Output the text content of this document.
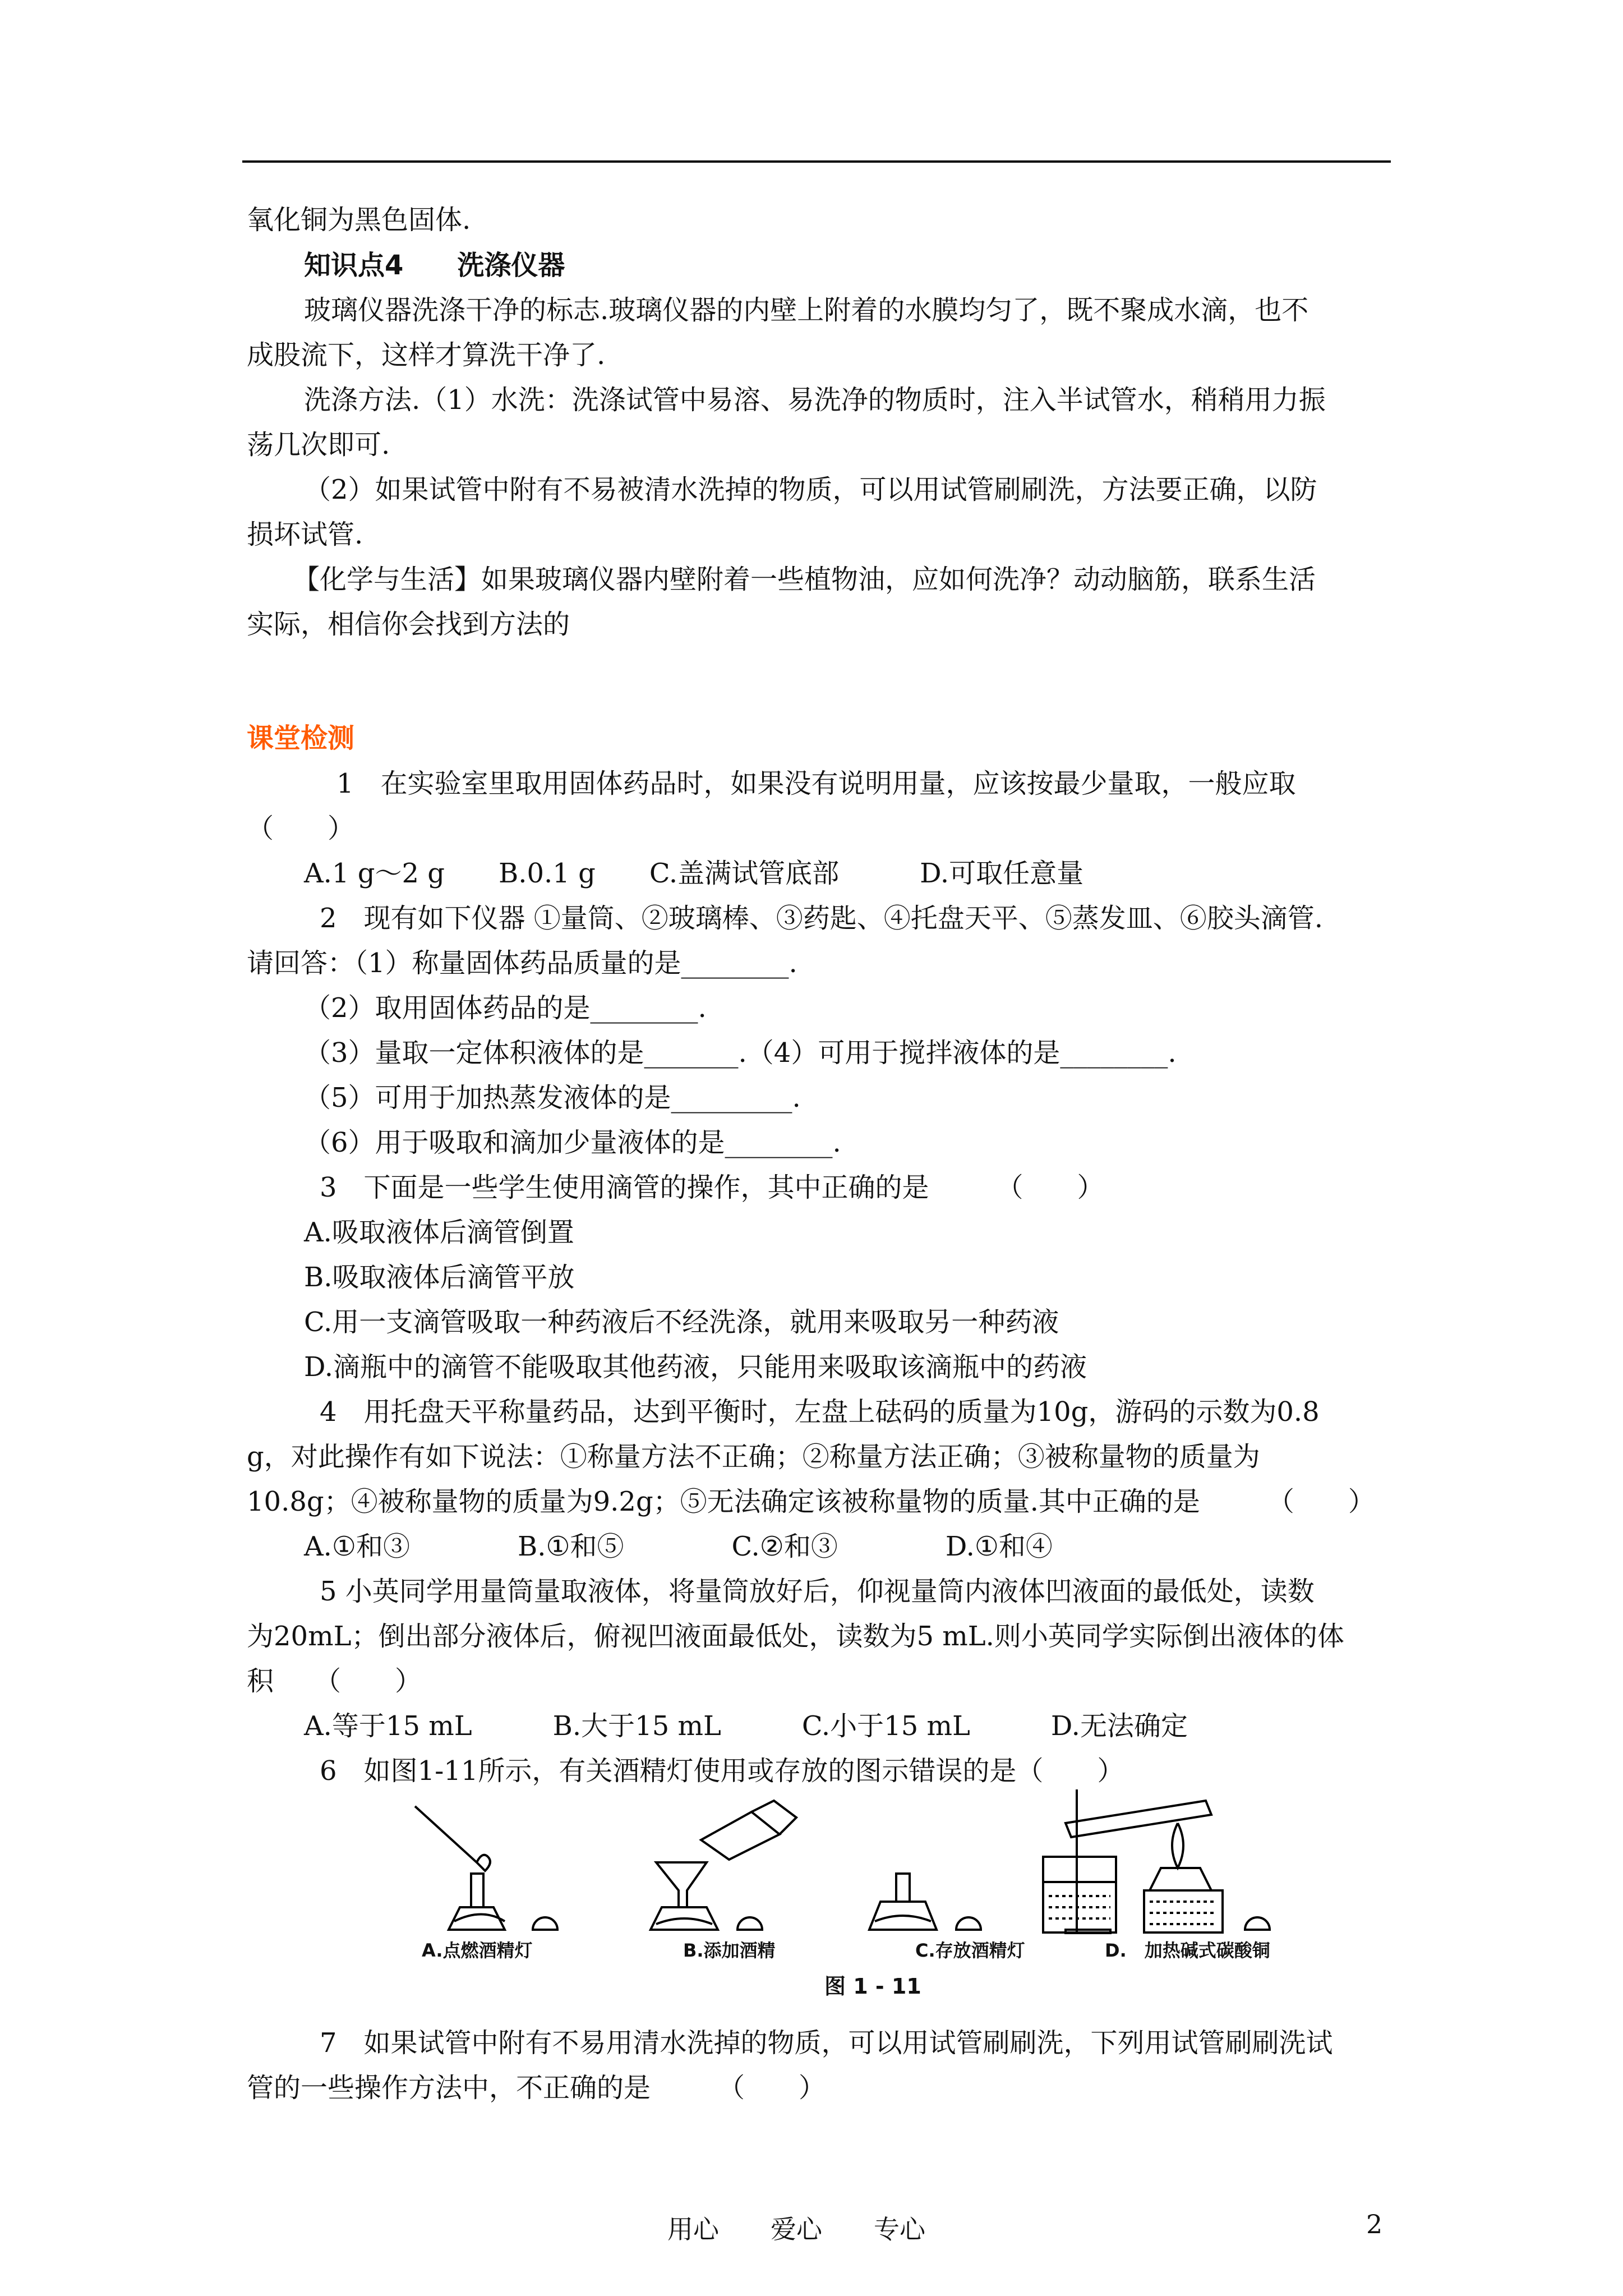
氧化铜为黑色固体.
知识点4　　洗涤仪器
玻璃仪器洗涤干净的标志.玻璃仪器的内壁上附着的水膜均匀了，既不聚成水滴，也不
成股流下，这样才算洗干净了.
洗涤方法.（1）水洗：洗涤试管中易溶、易洗净的物质时，注入半试管水，稍稍用力振
荡几次即可.
（2）如果试管中附有不易被清水洗掉的物质，可以用试管刷刷洗，方法要正确，以防
损坏试管.
【化学与生活】如果玻璃仪器内壁附着一些植物油，应如何洗净？动动脑筋，联系生活
实际，相信你会找到方法的
课堂检测
1　在实验室里取用固体药品时，如果没有说明用量，应该按最少量取，一般应取
（　　）
A.1 g～2 g　　B.0.1 g　　C.盖满试管底部　　　D.可取任意量
2　现有如下仪器 ①量筒、②玻璃棒、③药匙、④托盘天平、⑤蒸发皿、⑥胶头滴管.
请回答：（1）称量固体药品质量的是________.
（2）取用固体药品的是________.
（3）量取一定体积液体的是_______.（4）可用于搅拌液体的是________.
（5）可用于加热蒸发液体的是_________.
（6）用于吸取和滴加少量液体的是________.
3　下面是一些学生使用滴管的操作，其中正确的是　　　（　　）
A.吸取液体后滴管倒置
B.吸取液体后滴管平放
C.用一支滴管吸取一种药液后不经洗涤，就用来吸取另一种药液
D.滴瓶中的滴管不能吸取其他药液，只能用来吸取该滴瓶中的药液
4　用托盘天平称量药品，达到平衡时，左盘上砝码的质量为10g，游码的示数为0.8
g，对此操作有如下说法：①称量方法不正确；②称量方法正确；③被称量物的质量为
10.8g；④被称量物的质量为9.2g；⑤无法确定该被称量物的质量.其中正确的是　　　（　　）
A.①和③　　　　B.①和⑤　　　　C.②和③　　　　D.①和④
5 小英同学用量筒量取液体，将量筒放好后，仰视量筒内液体凹液面的最低处，读数
为20mL；倒出部分液体后，俯视凹液面最低处，读数为5 mL.则小英同学实际倒出液体的体
积　　（　　）
A.等于15 mL　　　B.大于15 mL　　　C.小于15 mL　　　D.无法确定
6　如图1-11所示，有关酒精灯使用或存放的图示错误的是（　　）
A.点燃酒精灯	B.添加酒精	C.存放酒精灯	D.　加热碱式碳酸铜
图 1 - 11
7　如果试管中附有不易用清水洗掉的物质，可以用试管刷刷洗，下列用试管刷刷洗试
管的一些操作方法中，不正确的是　　　（　　）
用心　　爱心　　专心	2
